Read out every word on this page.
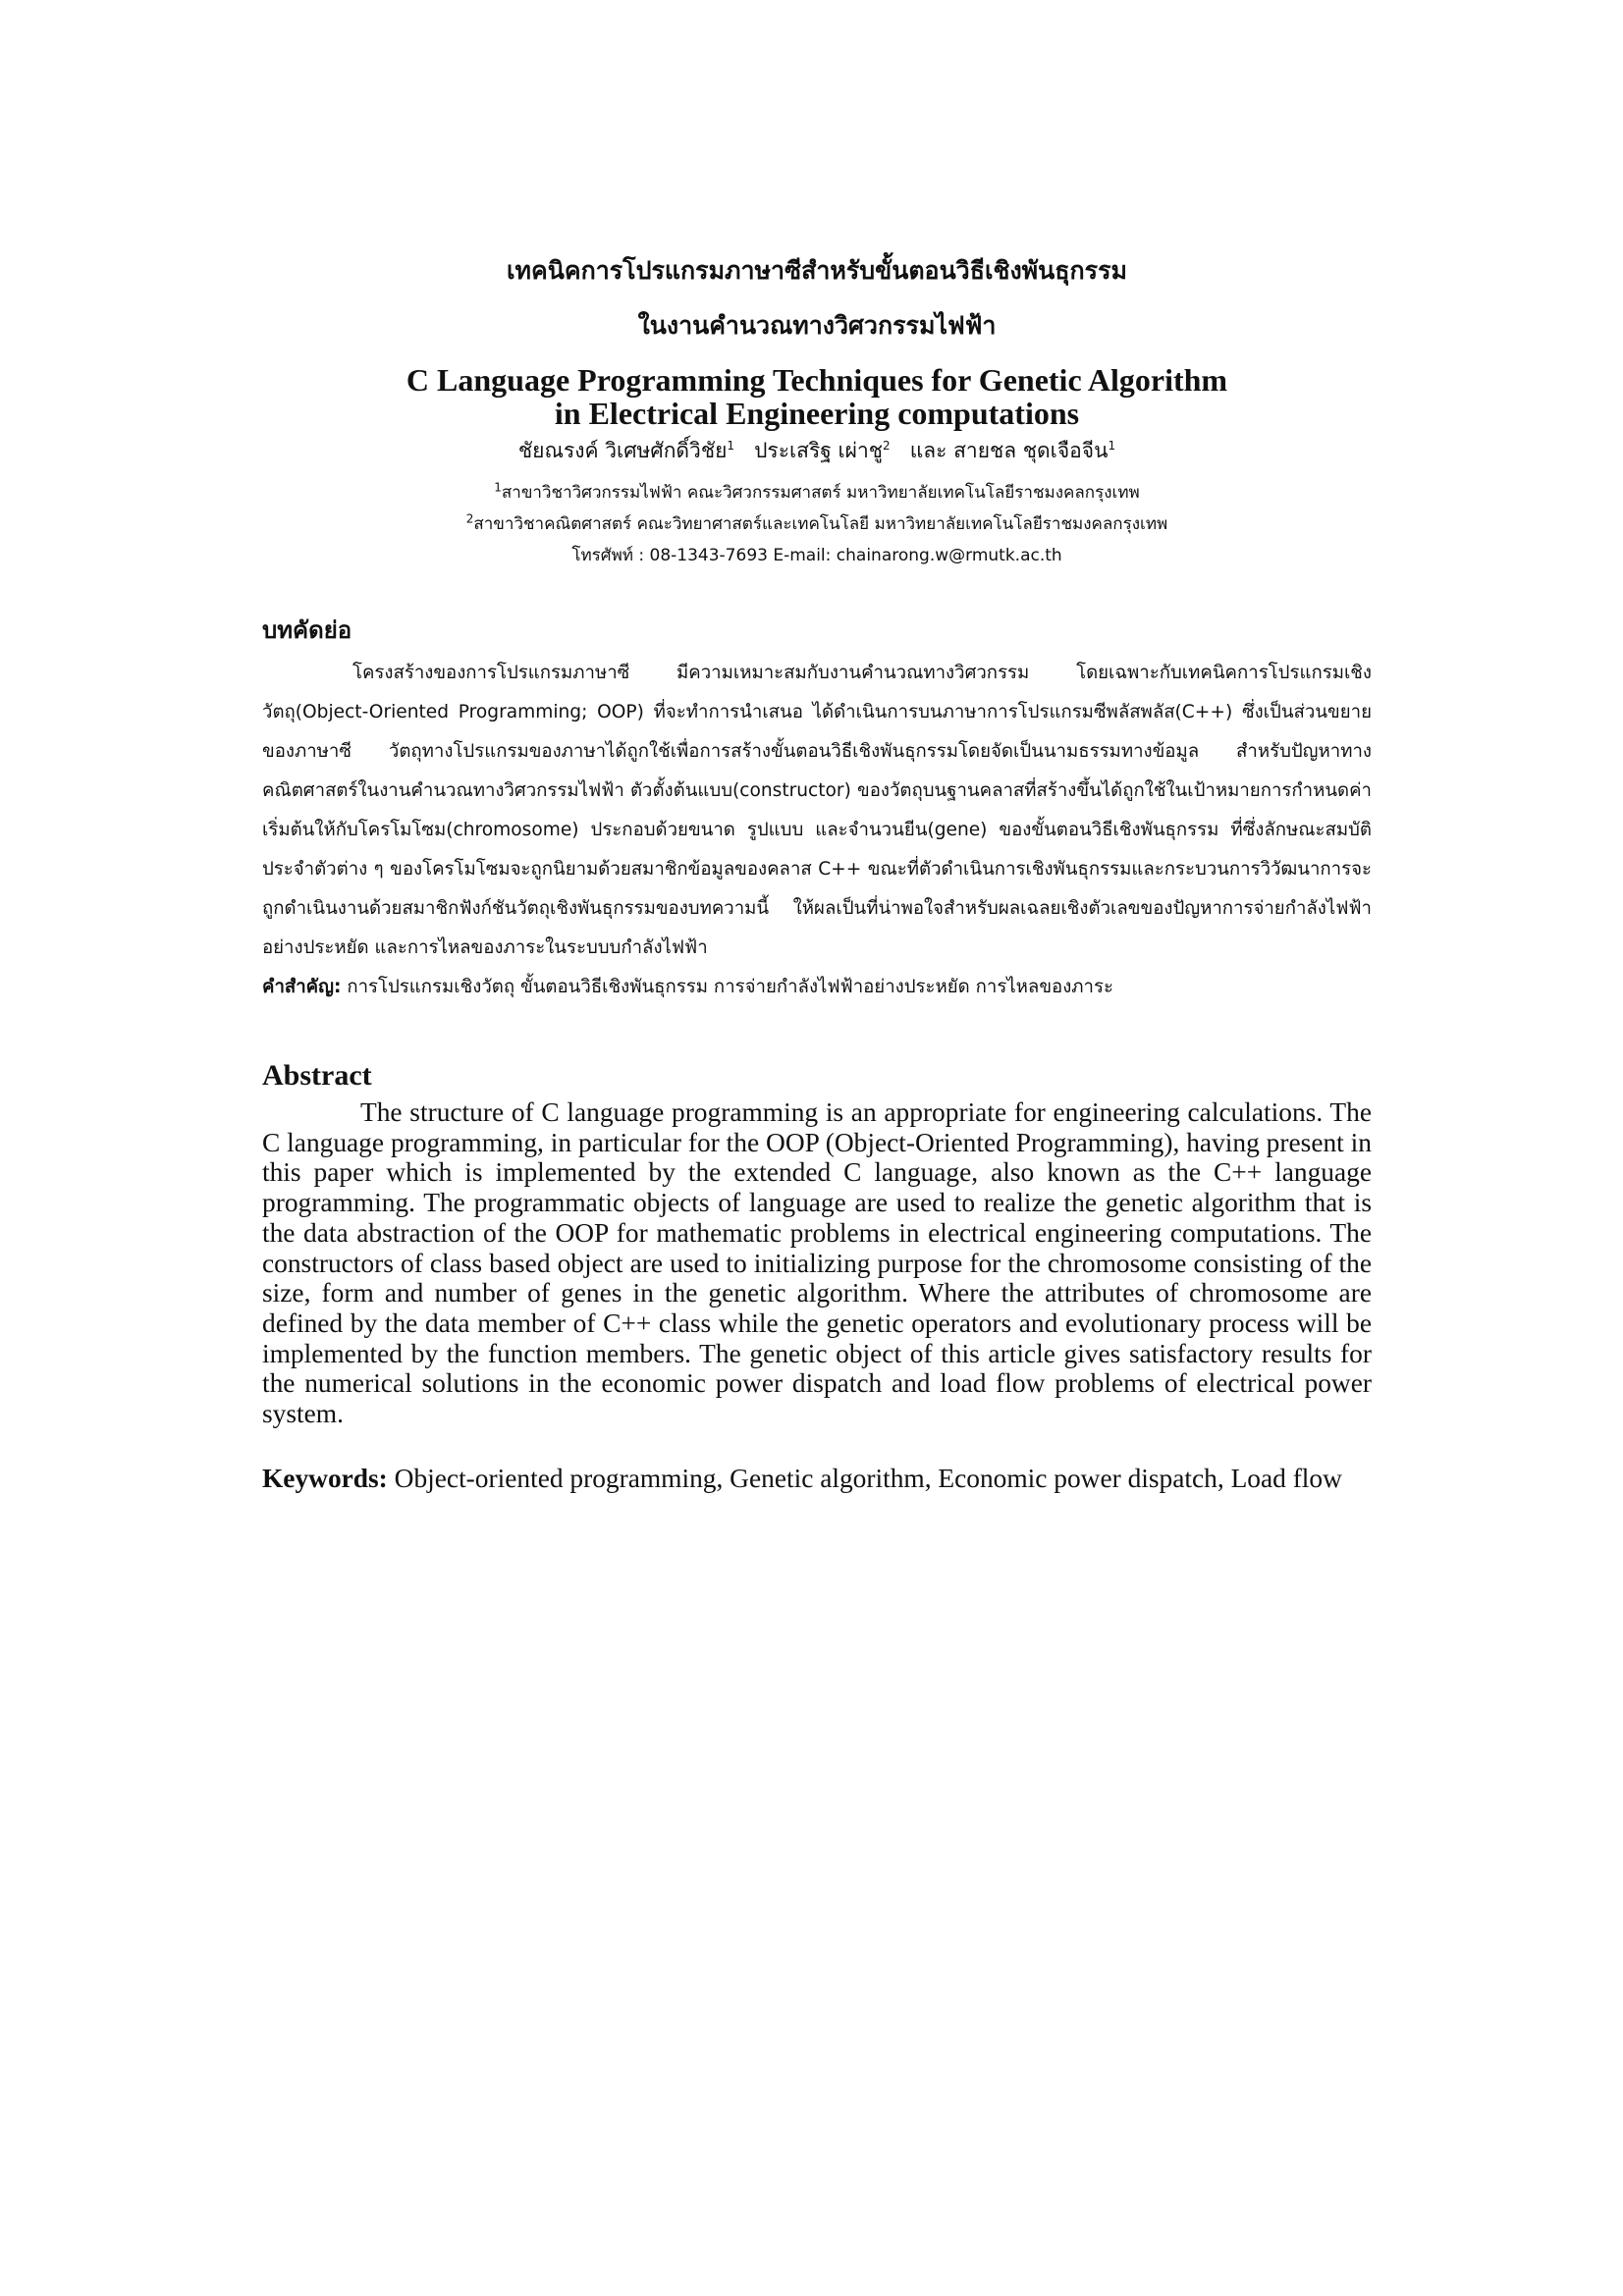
เทคนิคการโปรแกรมภาษาซีสำหรับขั้นตอนวิธีเชิงพันธุกรรม

ในงานคำนวณทางวิศวกรรมไฟฟ้า

C Language Programming Techniques for Genetic Algorithm

in Electrical Engineering computations

ชัยณรงค์ วิเศษศักดิ์วิชัย$^1$ ประเสริฐ เผ่าชู$^2$ และ สายชล ชุดเจือจีน$^1$

$^1$สาขาวิชาวิศวกรรมไฟฟ้า คณะวิศวกรรมศาสตร์ มหาวิทยาลัยเทคโนโลยีราชมงคลกรุงเทพ

$^2$สาขาวิชาคณิตศาสตร์ คณะวิทยาศาสตร์และเทคโนโลยี มหาวิทยาลัยเทคโนโลยีราชมงคลกรุงเทพ

โทรศัพท์ : 08-1343-7693 E-mail: chainarong.w@rmutk.ac.th

บทคัดย่อ

โครงสร้างของการโปรแกรมภาษาซี มีความเหมาะสมกับงานคำนวณทางวิศวกรรม โดยเฉพาะกับเทคนิคการโปรแกรมเชิงวัตถุ(Object-Oriented Programming; OOP) ที่จะทำการนำเสนอ ได้ดำเนินการบนภาษาการโปรแกรมซีพลัสพลัส(C++) ซึ่งเป็นส่วนขยายของภาษาซี วัตถุทางโปรแกรมของภาษาได้ถูกใช้เพื่อการสร้างขั้นตอนวิธีเชิงพันธุกรรมโดยจัดเป็นนามธรรมทางข้อมูล สำหรับปัญหาทางคณิตศาสตร์ในงานคำนวณทางวิศวกรรมไฟฟ้า ตัวตั้งต้นแบบ(constructor) ของวัตถุบนฐานคลาสที่สร้างขึ้นได้ถูกใช้ในเป้าหมายการกำหนดค่าเริ่มต้นให้กับโครโมโซม(chromosome) ประกอบด้วยขนาด รูปแบบ และจำนวนยีน(gene) ของขั้นตอนวิธีเชิงพันธุกรรม ที่ซึ่งลักษณะสมบัติประจำตัวต่าง ๆ ของโครโมโซมจะถูกนิยามด้วยสมาชิกข้อมูลของคลาส C++ ขณะที่ตัวดำเนินการเชิงพันธุกรรมและกระบวนการวิวัฒนาการจะถูกดำเนินงานด้วยสมาชิกฟังก์ชันวัตถุเชิงพันธุกรรมของบทความนี้ ให้ผลเป็นที่น่าพอใจสำหรับผลเฉลยเชิงตัวเลขของปัญหาการจ่ายกำลังไฟฟ้าอย่างประหยัด และการไหลของภาระในระบบบกำลังไฟฟ้า

คำสำคัญ: การโปรแกรมเชิงวัตถุ ขั้นตอนวิธีเชิงพันธุกรรม การจ่ายกำลังไฟฟ้าอย่างประหยัด การไหลของภาระ

Abstract

The structure of C language programming is an appropriate for engineering calculations. The C language programming, in particular for the OOP (Object-Oriented Programming), having present in this paper which is implemented by the extended C language, also known as the C++ language programming. The programmatic objects of language are used to realize the genetic algorithm that is the data abstraction of the OOP for mathematic problems in electrical engineering computations. The constructors of class based object are used to initializing purpose for the chromosome consisting of the size, form and number of genes in the genetic algorithm. Where the attributes of chromosome are defined by the data member of C++ class while the genetic operators and evolutionary process will be implemented by the function members. The genetic object of this article gives satisfactory results for the numerical solutions in the economic power dispatch and load flow problems of electrical power system.

Keywords: Object-oriented programming, Genetic algorithm, Economic power dispatch, Load flow
